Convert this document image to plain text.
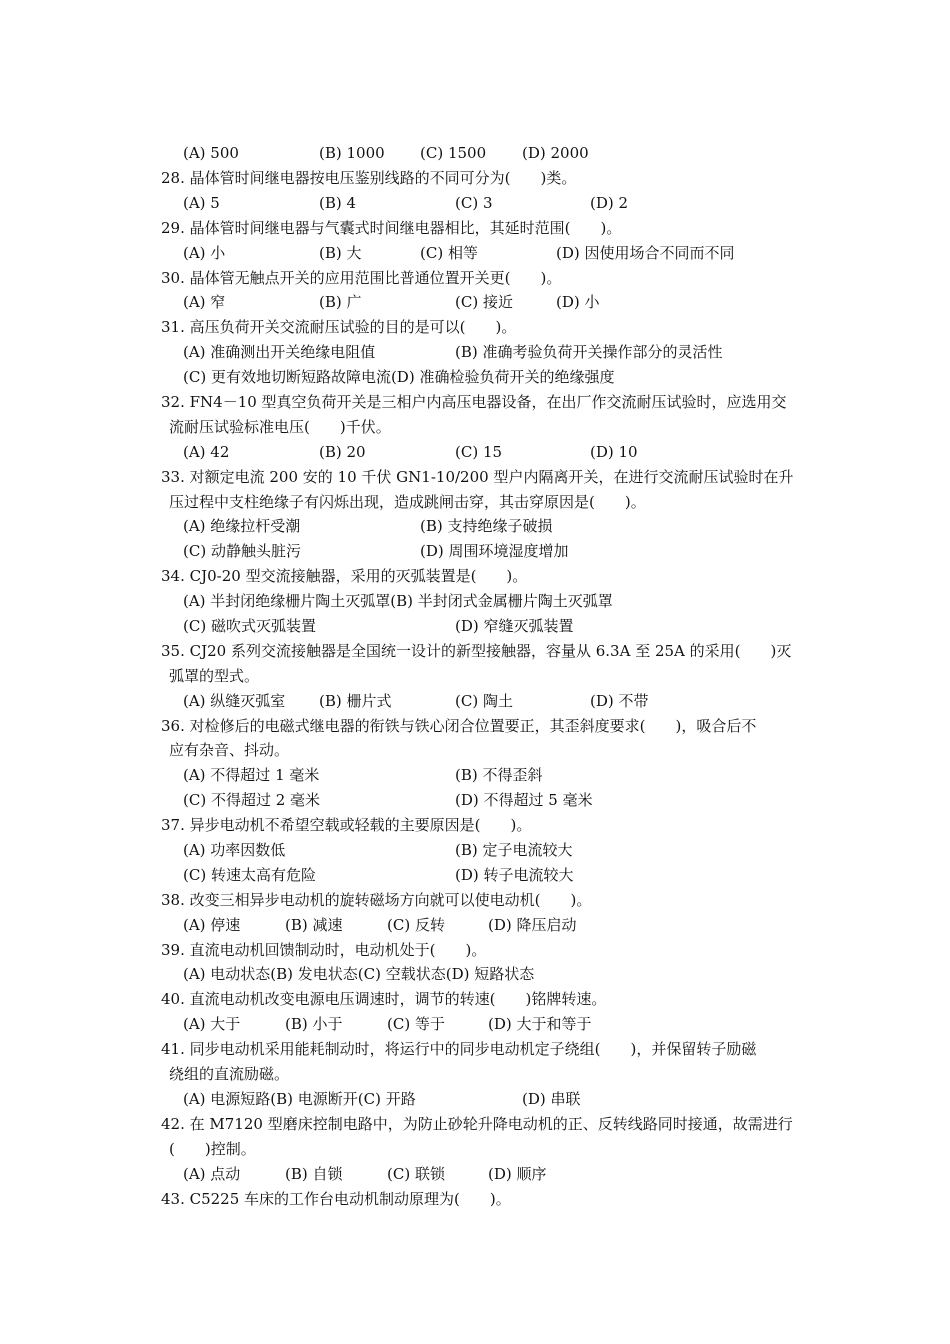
(A) 500	(B) 1000 (C) 1500 (D) 2000
28. 晶体管时间继电器按电压鉴别线路的不同可分为(　　)类。
(A) 5	(B) 4	(C) 3	(D) 2
29. 晶体管时间继电器与气囊式时间继电器相比，其延时范围(　　)。
(A) 小	(B) 大	(C) 相等	(D) 因使用场合不同而不同
30. 晶体管无触点开关的应用范围比普通位置开关更(　　)。
(A) 窄	(B) 广	(C) 接近	(D) 小
31. 高压负荷开关交流耐压试验的目的是可以(　　)。
(A) 准确测出开关绝缘电阻值	(B) 准确考验负荷开关操作部分的灵活性
(C) 更有效地切断短路故障电流(D) 准确检验负荷开关的绝缘强度
32. FN4－10 型真空负荷开关是三相户内高压电器设备，在出厂作交流耐压试验时，应选用交
流耐压试验标准电压(　　)千伏。
(A) 42	(B) 20	(C) 15	(D) 10
33. 对额定电流 200 安的 10 千伏 GN1-10/200 型户内隔离开关，在进行交流耐压试验时在升
压过程中支柱绝缘子有闪烁出现，造成跳闸击穿，其击穿原因是(　　)。
(A) 绝缘拉杆受潮	(B) 支持绝缘子破损
(C) 动静触头脏污	(D) 周围环境湿度增加
34. CJ0-20 型交流接触器，采用的灭弧装置是(　　)。
(A) 半封闭绝缘栅片陶土灭弧罩(B) 半封闭式金属栅片陶土灭弧罩
(C) 磁吹式灭弧装置	(D) 窄缝灭弧装置
35. CJ20 系列交流接触器是全国统一设计的新型接触器，容量从 6.3A 至 25A 的采用(　　)灭
弧罩的型式。
(A) 纵缝灭弧室 (B) 栅片式	(C) 陶土	(D) 不带
36. 对检修后的电磁式继电器的衔铁与铁心闭合位置要正，其歪斜度要求(　　)，吸合后不
应有杂音、抖动。
(A) 不得超过 1 毫米	(B) 不得歪斜
(C) 不得超过 2 毫米	(D) 不得超过 5 毫米
37. 异步电动机不希望空载或轻载的主要原因是(　　)。
(A) 功率因数低	(B) 定子电流较大
(C) 转速太高有危险	(D) 转子电流较大
38. 改变三相异步电动机的旋转磁场方向就可以使电动机(　　)。
(A) 停速	(B) 减速	(C) 反转	(D) 降压启动
39. 直流电动机回馈制动时，电动机处于(　　)。
(A) 电动状态(B) 发电状态(C) 空载状态(D) 短路状态
40. 直流电动机改变电源电压调速时，调节的转速(　　)铭牌转速。
(A) 大于	(B) 小于	(C) 等于	(D) 大于和等于
41. 同步电动机采用能耗制动时，将运行中的同步电动机定子绕组(　　)，并保留转子励磁
绕组的直流励磁。
(A) 电源短路(B) 电源断开(C) 开路	(D) 串联
42. 在 M7120 型磨床控制电路中，为防止砂轮升降电动机的正、反转线路同时接通，故需进行
(　　)控制。
(A) 点动	(B) 自锁	(C) 联锁	(D) 顺序
43. C5225 车床的工作台电动机制动原理为(　　)。
